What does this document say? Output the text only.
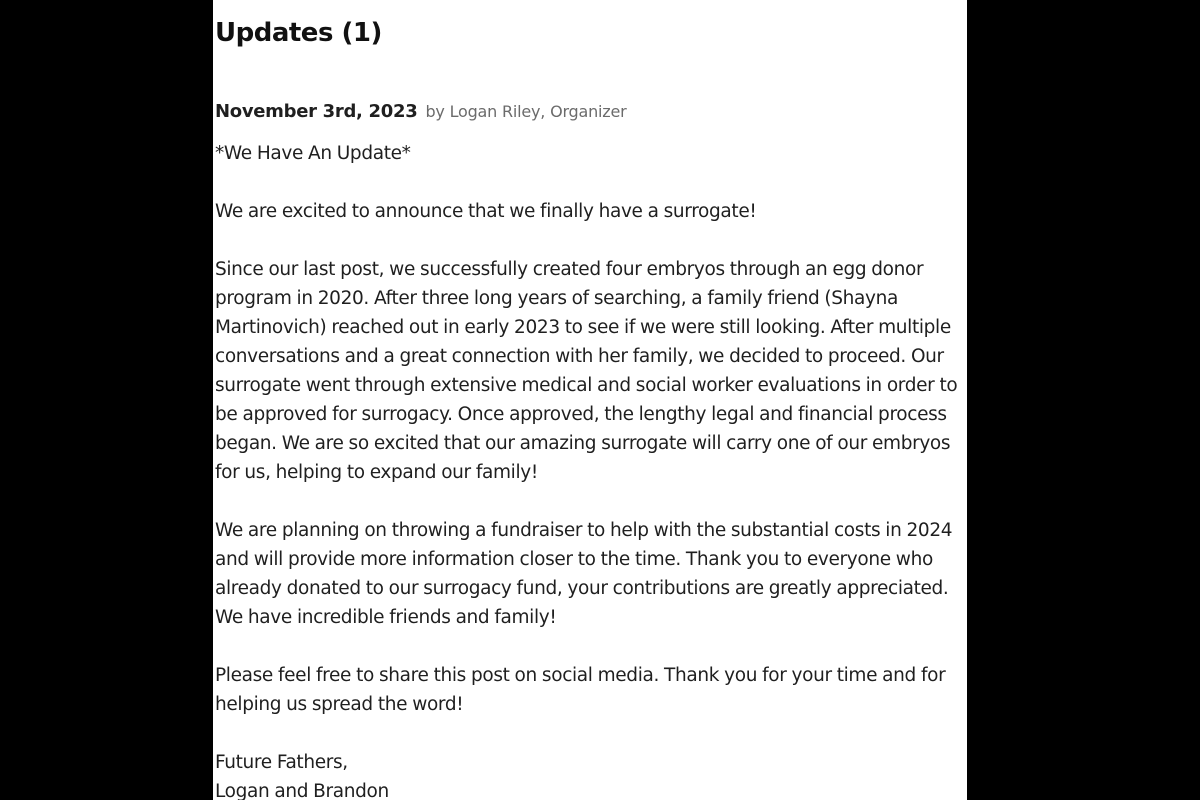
Updates (1)
November 3rd, 2023 by Logan Riley, Organizer

*We Have An Update*

We are excited to announce that we finally have a surrogate!

Since our last post, we successfully created four embryos through an egg donor program in 2020. After three long years of searching, a family friend (Shayna Martinovich) reached out in early 2023 to see if we were still looking. After multiple conversations and a great connection with her family, we decided to proceed. Our surrogate went through extensive medical and social worker evaluations in order to be approved for surrogacy. Once approved, the lengthy legal and financial process began. We are so excited that our amazing surrogate will carry one of our embryos for us, helping to expand our family!

We are planning on throwing a fundraiser to help with the substantial costs in 2024 and will provide more information closer to the time. Thank you to everyone who already donated to our surrogacy fund, your contributions are greatly appreciated. We have incredible friends and family!

Please feel free to share this post on social media. Thank you for your time and for helping us spread the word!

Future Fathers,
Logan and Brandon
